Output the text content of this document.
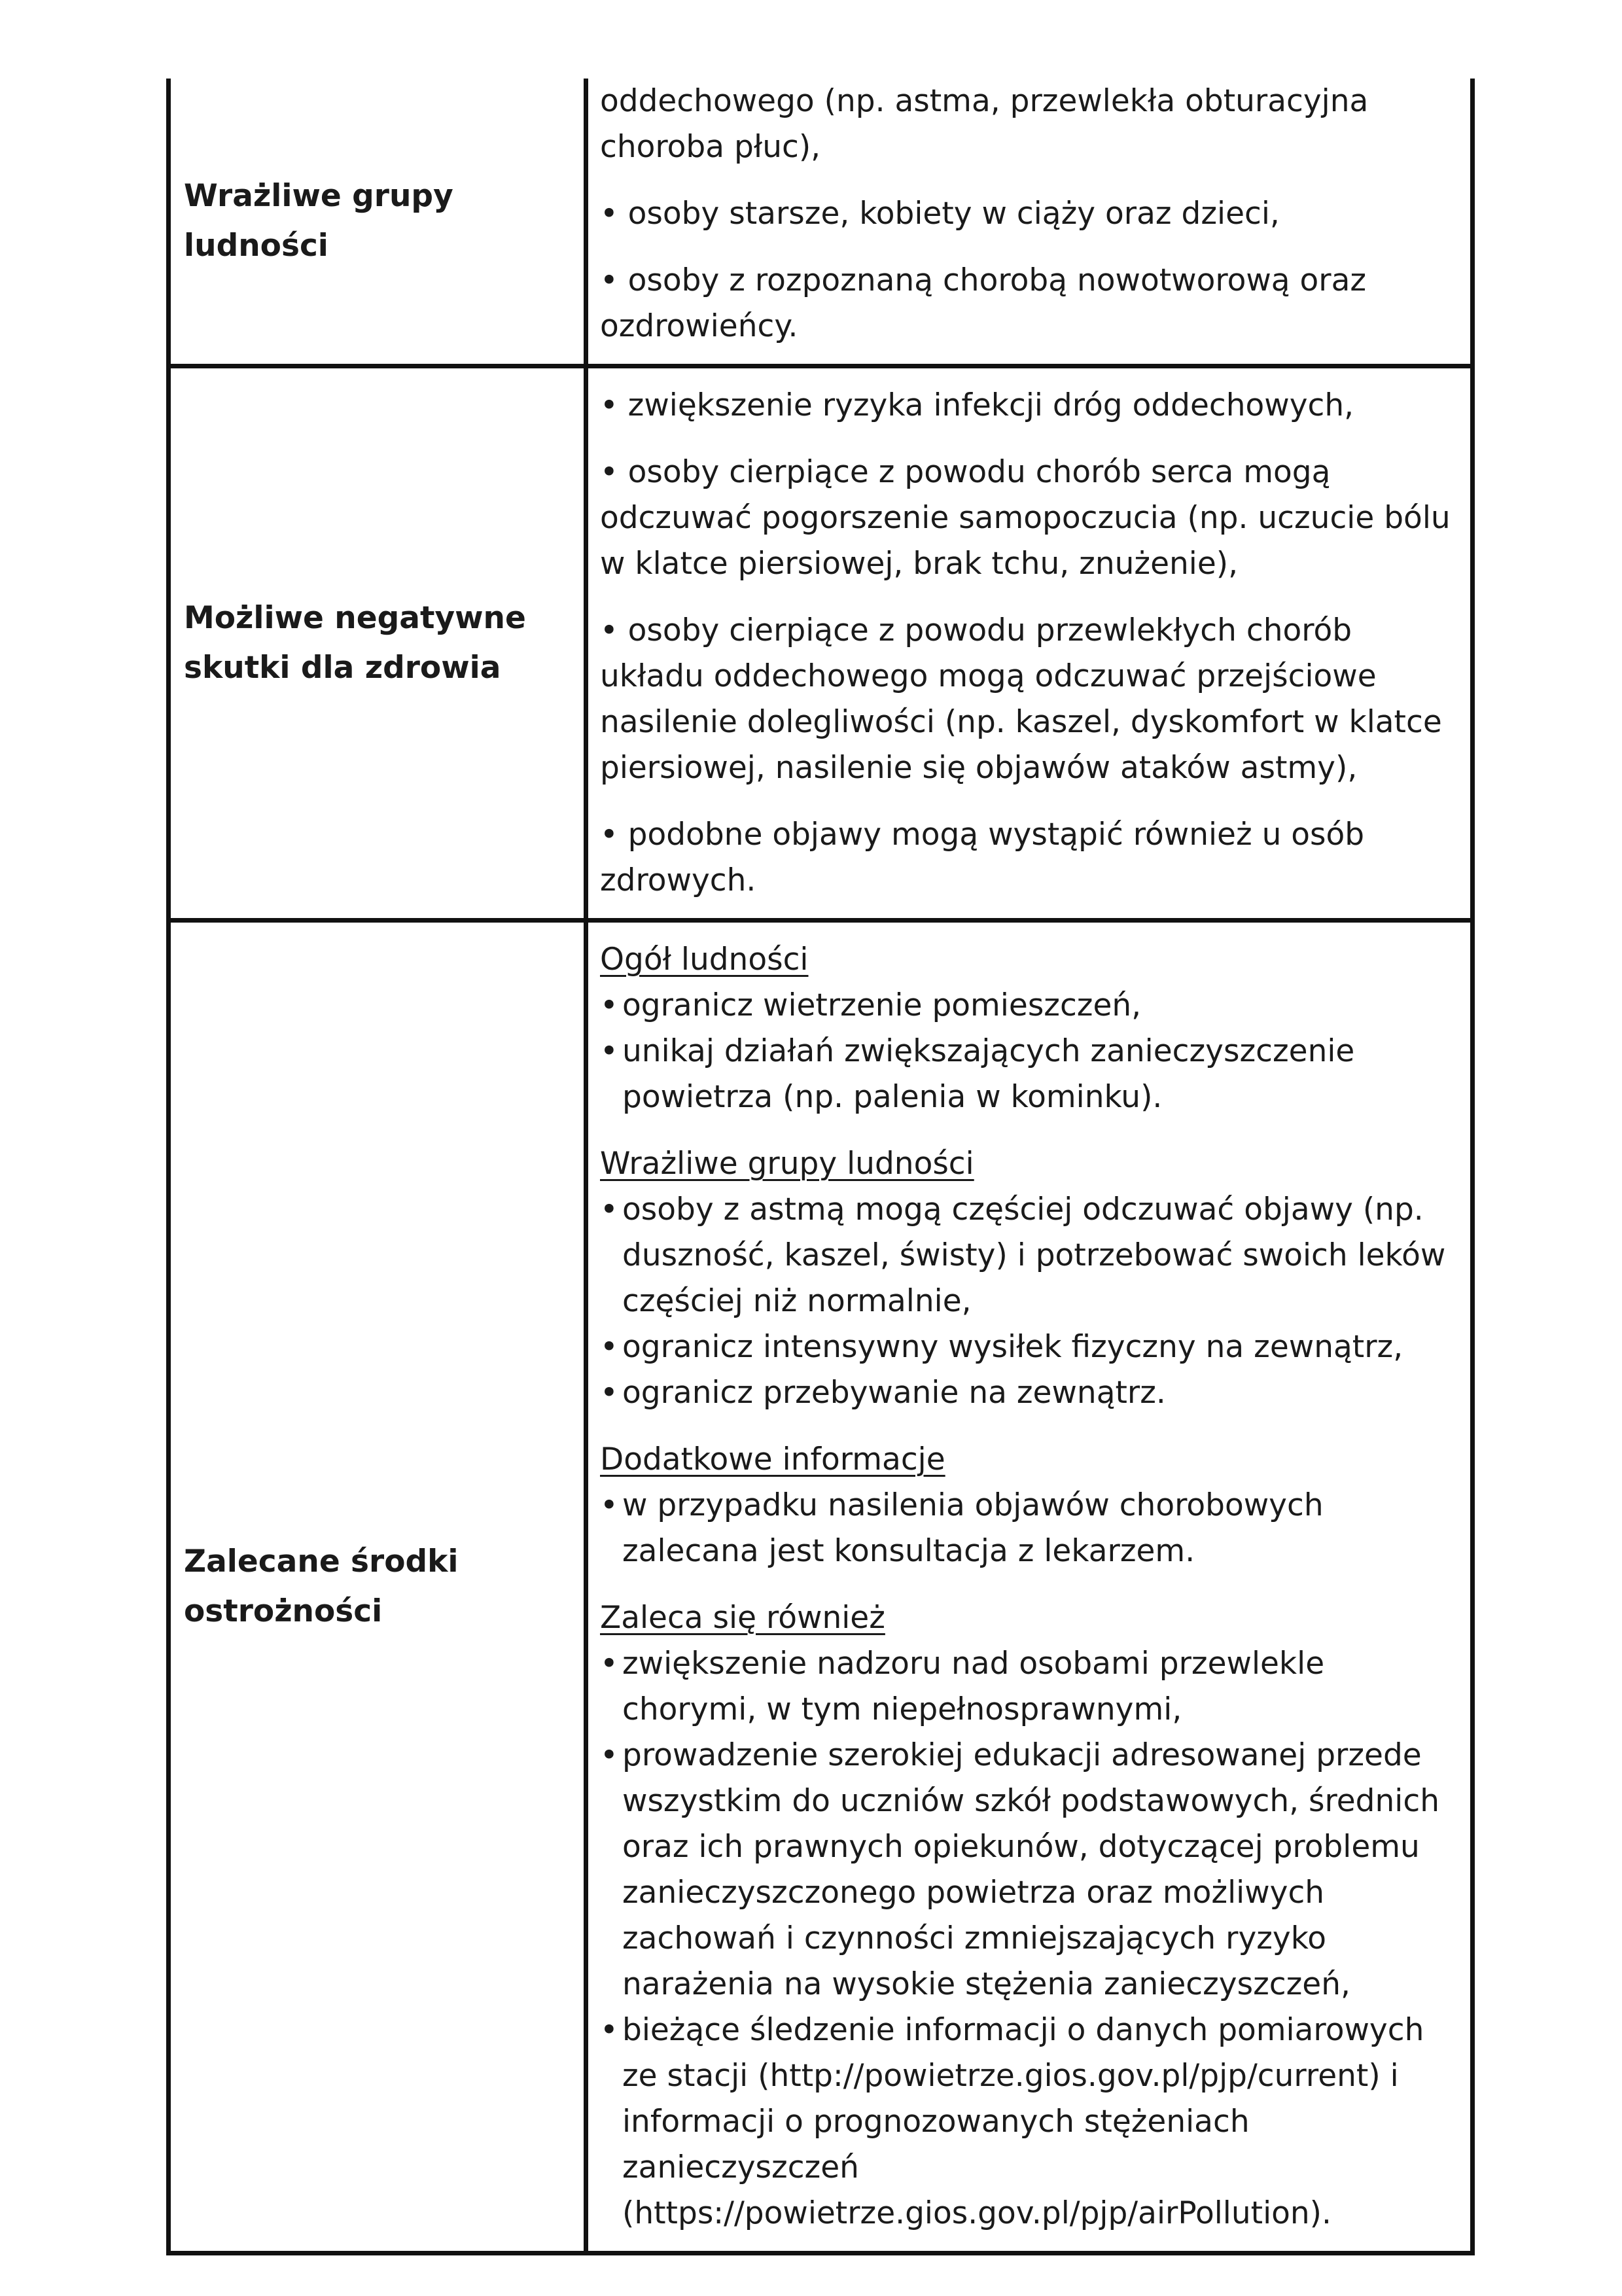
Wrażliwe grupy ludności

oddechowego (np. astma, przewlekła obturacyjna choroba płuc),

• osoby starsze, kobiety w ciąży oraz dzieci,

• osoby z rozpoznaną chorobą nowotworową oraz ozdrowieńcy.

Możliwe negatywne skutki dla zdrowia

• zwiększenie ryzyka infekcji dróg oddechowych,

• osoby cierpiące z powodu chorób serca mogą odczuwać pogorszenie samopoczucia (np. uczucie bólu w klatce piersiowej, brak tchu, znużenie),

• osoby cierpiące z powodu przewlekłych chorób układu oddechowego mogą odczuwać przejściowe nasilenie dolegliwości (np. kaszel, dyskomfort w klatce piersiowej, nasilenie się objawów ataków astmy),

• podobne objawy mogą wystąpić również u osób zdrowych.

Zalecane środki ostrożności
Ogół ludności
• ogranicz wietrzenie pomieszczeń,
• unikaj działań zwiększających zanieczyszczenie powietrza (np. palenia w kominku).
Wrażliwe grupy ludności
• osoby z astmą mogą częściej odczuwać objawy (np. duszność, kaszel, świsty) i potrzebować swoich leków częściej niż normalnie,
• ogranicz intensywny wysiłek fizyczny na zewnątrz,
• ogranicz przebywanie na zewnątrz.
Dodatkowe informacje
• w przypadku nasilenia objawów chorobowych zalecana jest konsultacja z lekarzem.
Zaleca się również
• zwiększenie nadzoru nad osobami przewlekle chorymi, w tym niepełnosprawnymi,
• prowadzenie szerokiej edukacji adresowanej przede wszystkim do uczniów szkół podstawowych, średnich oraz ich prawnych opiekunów, dotyczącej problemu zanieczyszczonego powietrza oraz możliwych zachowań i czynności zmniejszających ryzyko narażenia na wysokie stężenia zanieczyszczeń,
• bieżące śledzenie informacji o danych pomiarowych ze stacji (http://powietrze.gios.gov.pl/pjp/current) i informacji o prognozowanych stężeniach zanieczyszczeń (https://powietrze.gios.gov.pl/pjp/airPollution).
